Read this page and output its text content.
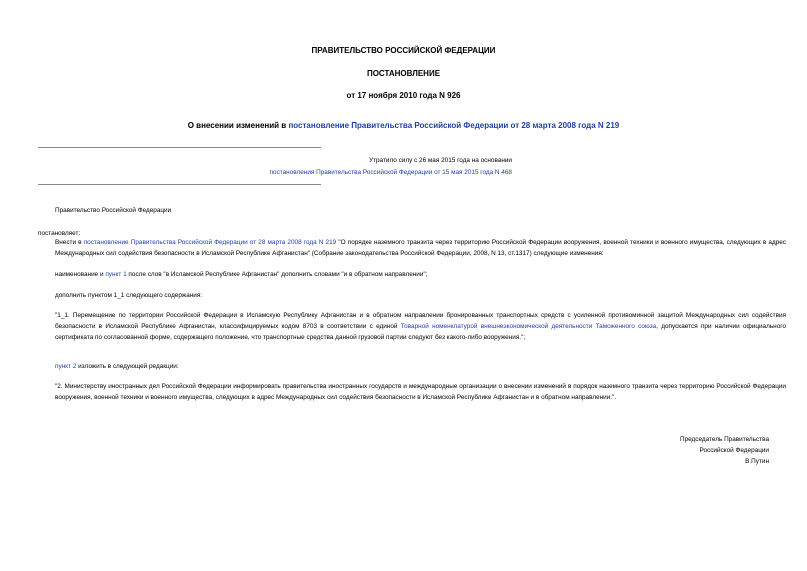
ПРАВИТЕЛЬСТВО РОССИЙСКОЙ ФЕДЕРАЦИИ
ПОСТАНОВЛЕНИЕ
от 17 ноября 2010 года N 926
О внесении изменений в постановление Правительства Российской Федерации от 28 марта 2008 года N 219
Утратило силу с 26 мая 2015 года на основании
постановления Правительства Российской Федерации от 15 мая 2015 года N 468
Правительство Российской Федерации
постановляет:
Внести в постановление Правительства Российской Федерации от 28 марта 2008 года N 219 "О порядке наземного транзита через территорию Российской Федерации вооружения, военной техники и военного имущества, следующих в адрес Международных сил содействия безопасности в Исламской Республике Афганистан" (Собрание законодательства Российской Федерации, 2008, N 13, ст.1317) следующие изменения:
наименование и пункт 1 после слов "в Исламской Республике Афганистан" дополнить словами "и в обратном направлении";
дополнить пунктом 1_1 следующего содержания:
"1_1. Перемещение по территории Российской Федерации в Исламскую Республику Афганистан и в обратном направлении бронированных транспортных средств с усиленной противоминной защитой Международных сил содействия безопасности в Исламской Республике Афганистан, классифицируемых кодом 8703 в соответствии с единой Товарной номенклатурой внешнеэкономической деятельности Таможенного союза, допускается при наличии официального сертификата по согласованной форме, содержащего положение, что транспортные средства данной грузовой партии следуют без какого-либо вооружения.";
пункт 2 изложить в следующей редакции:
"2. Министерству иностранных дел Российской Федерации информировать правительства иностранных государств и международные организации о внесении изменений в порядок наземного транзита через территорию Российской Федерации вооружения, военной техники и военного имущества, следующих в адрес Международных сил содействия безопасности в Исламской Республике Афганистан и в обратном направлении.".
Председатель Правительства
Российской Федерации
В.Путин
